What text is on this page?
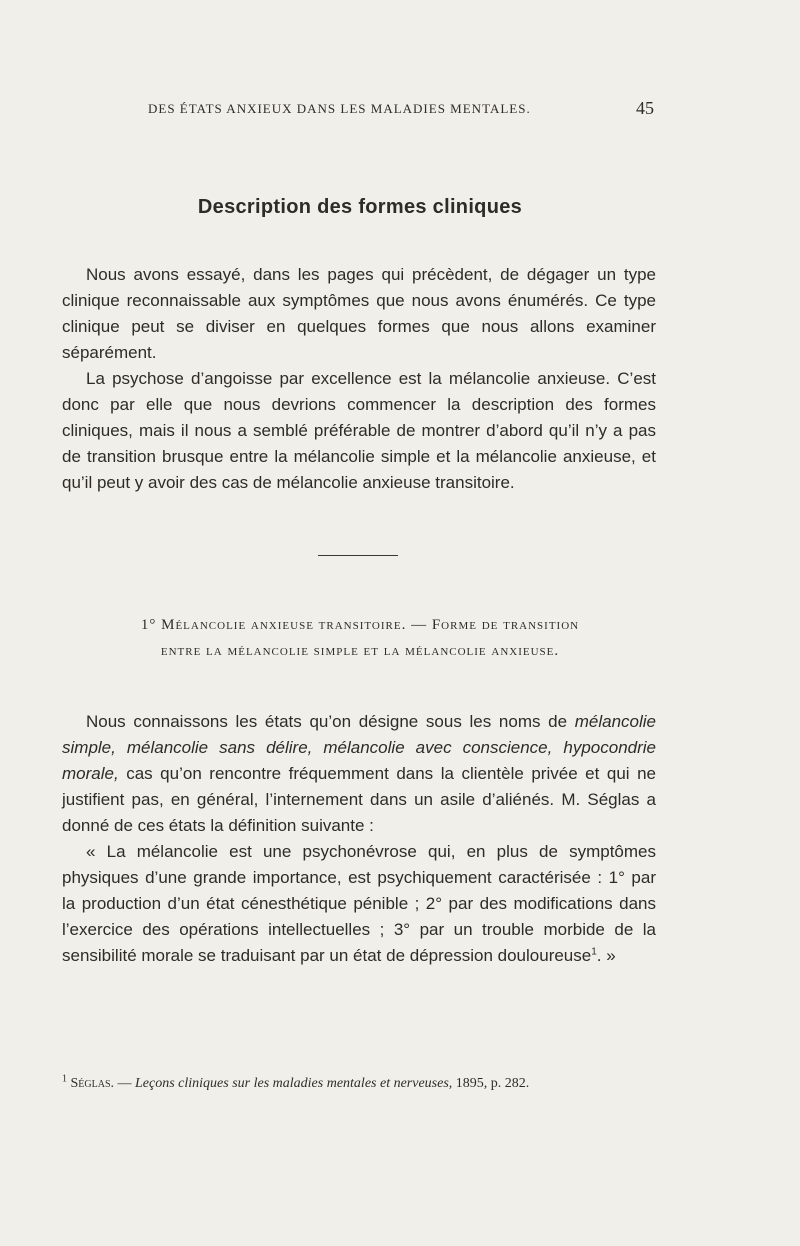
DES ÉTATS ANXIEUX DANS LES MALADIES MENTALES.	45
Description des formes cliniques

Nous avons essayé, dans les pages qui précèdent, de dégager un type clinique reconnaissable aux symptômes que nous avons énumérés. Ce type clinique peut se diviser en quelques formes que nous allons examiner séparément.

La psychose d’angoisse par excellence est la mélancolie anxieuse. C’est donc par elle que nous devrions commencer la description des formes cliniques, mais il nous a semblé préférable de montrer d’abord qu’il n’y a pas de transition brusque entre la mélancolie simple et la mélancolie anxieuse, et qu’il peut y avoir des cas de mélancolie anxieuse transitoire.

1° Mélancolie anxieuse transitoire. — Forme de transition
entre la mélancolie simple et la mélancolie anxieuse.

Nous connaissons les états qu’on désigne sous les noms de mélancolie simple, mélancolie sans délire, mélancolie avec conscience, hypocondrie morale, cas qu’on rencontre fréquemment dans la clientèle privée et qui ne justifient pas, en général, l’internement dans un asile d’aliénés. M. Séglas a donné de ces états la définition suivante :

« La mélancolie est une psychonévrose qui, en plus de symptômes physiques d’une grande importance, est psychiquement caractérisée : 1° par la production d’un état cénesthétique pénible ; 2° par des modifications dans l’exercice des opérations intellectuelles ; 3° par un trouble morbide de la sensibilité morale se traduisant par un état de dépression douloureuse$^1$. »

$^1$ Séglas. — Leçons cliniques sur les maladies mentales et nerveuses, 1895, p. 282.
